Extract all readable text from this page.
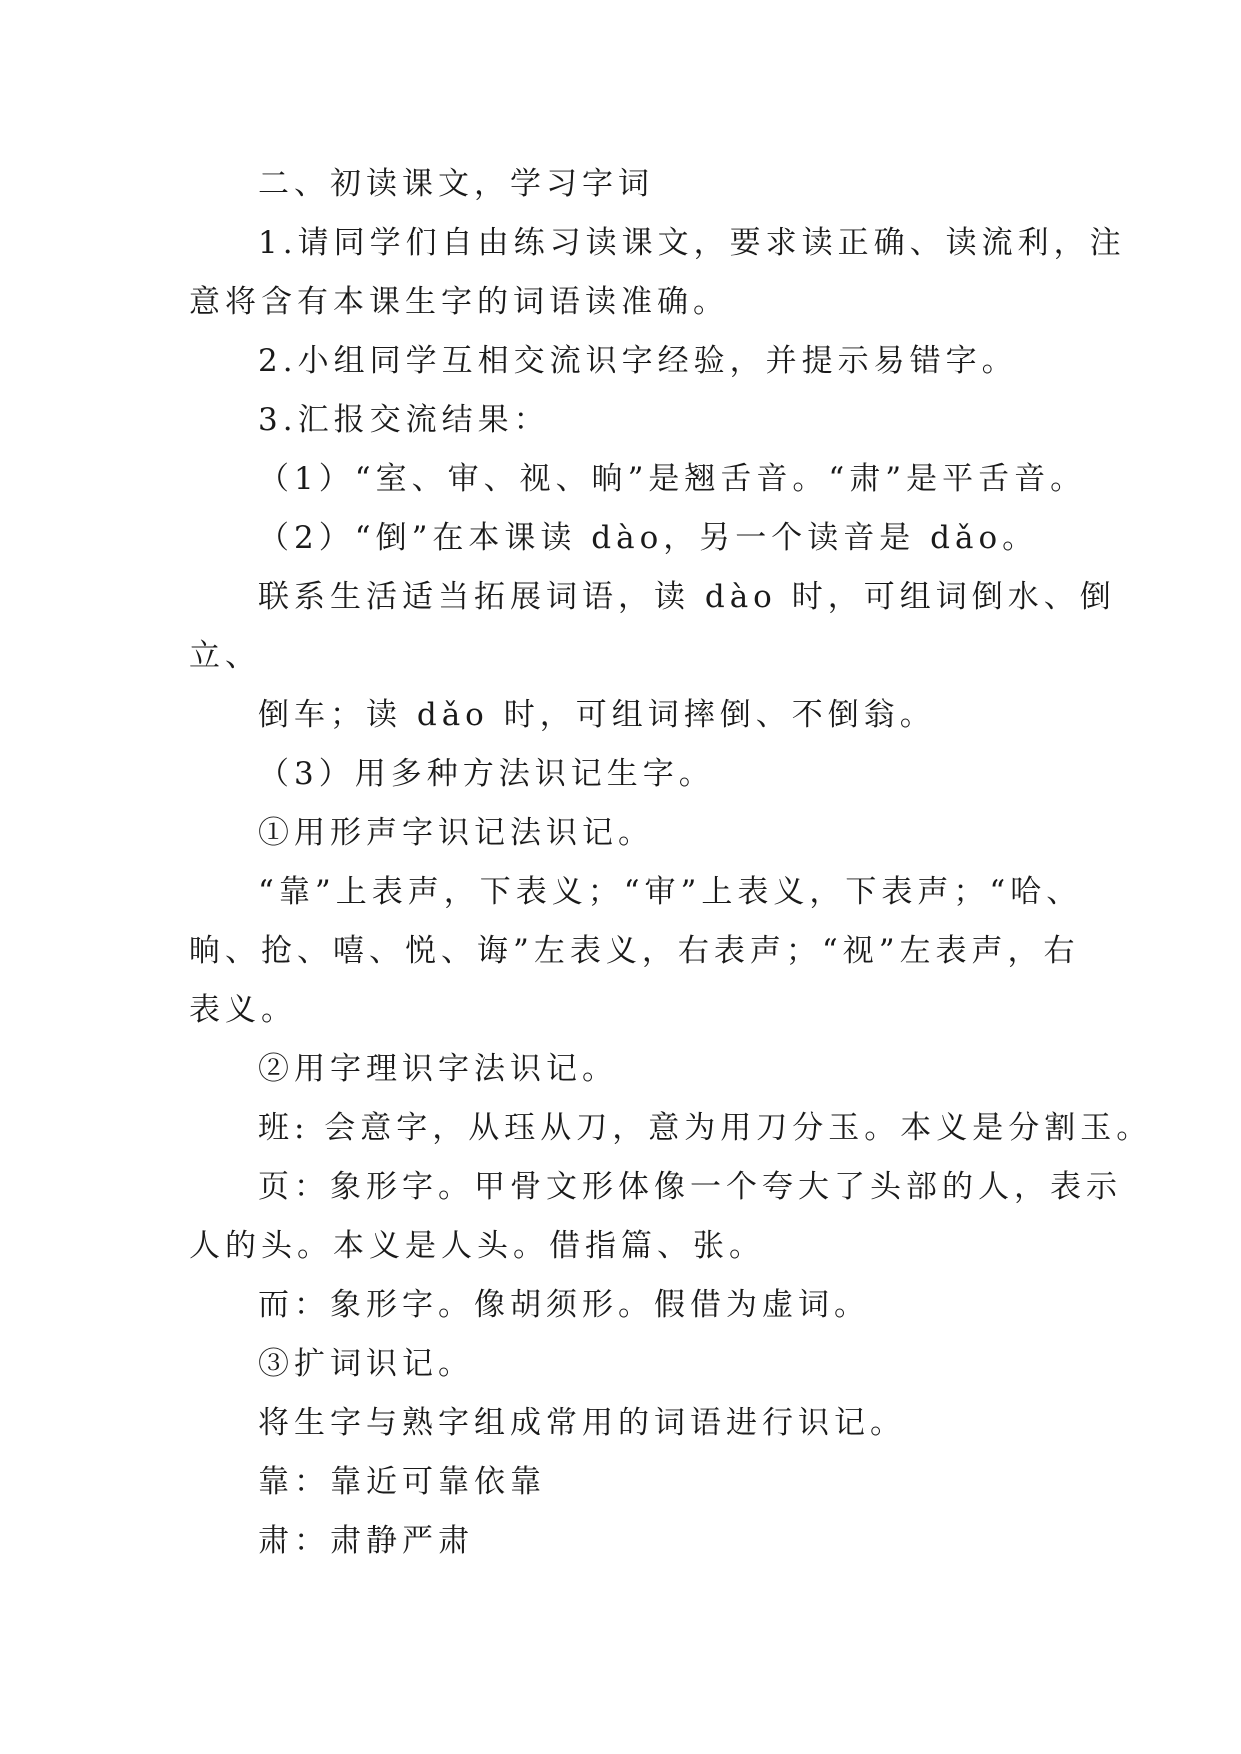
二、初读课文，学习字词
1.请同学们自由练习读课文，要求读正确、读流利，注
意将含有本课生字的词语读准确。
2.小组同学互相交流识字经验，并提示易错字。
3.汇报交流结果：
（1）“室、审、视、晌”是翘舌音。“肃”是平舌音。
（2）“倒”在本课读 dào，另一个读音是 dǎo。
联系生活适当拓展词语，读 dào 时，可组词倒水、倒
立、
倒车；读 dǎo 时，可组词摔倒、不倒翁。
（3）用多种方法识记生字。
①用形声字识记法识记。
“靠”上表声，下表义；“审”上表义，下表声；“哈、
晌、抢、嘻、悦、诲”左表义，右表声；“视”左表声，右
表义。
②用字理识字法识记。
班: 会意字，从珏从刀，意为用刀分玉。本义是分割玉。
页：象形字。甲骨文形体像一个夸大了头部的人，表示
人的头。本义是人头。借指篇、张。
而：象形字。像胡须形。假借为虚词。
③扩词识记。
将生字与熟字组成常用的词语进行识记。
靠：靠近可靠依靠
肃：肃静严肃
